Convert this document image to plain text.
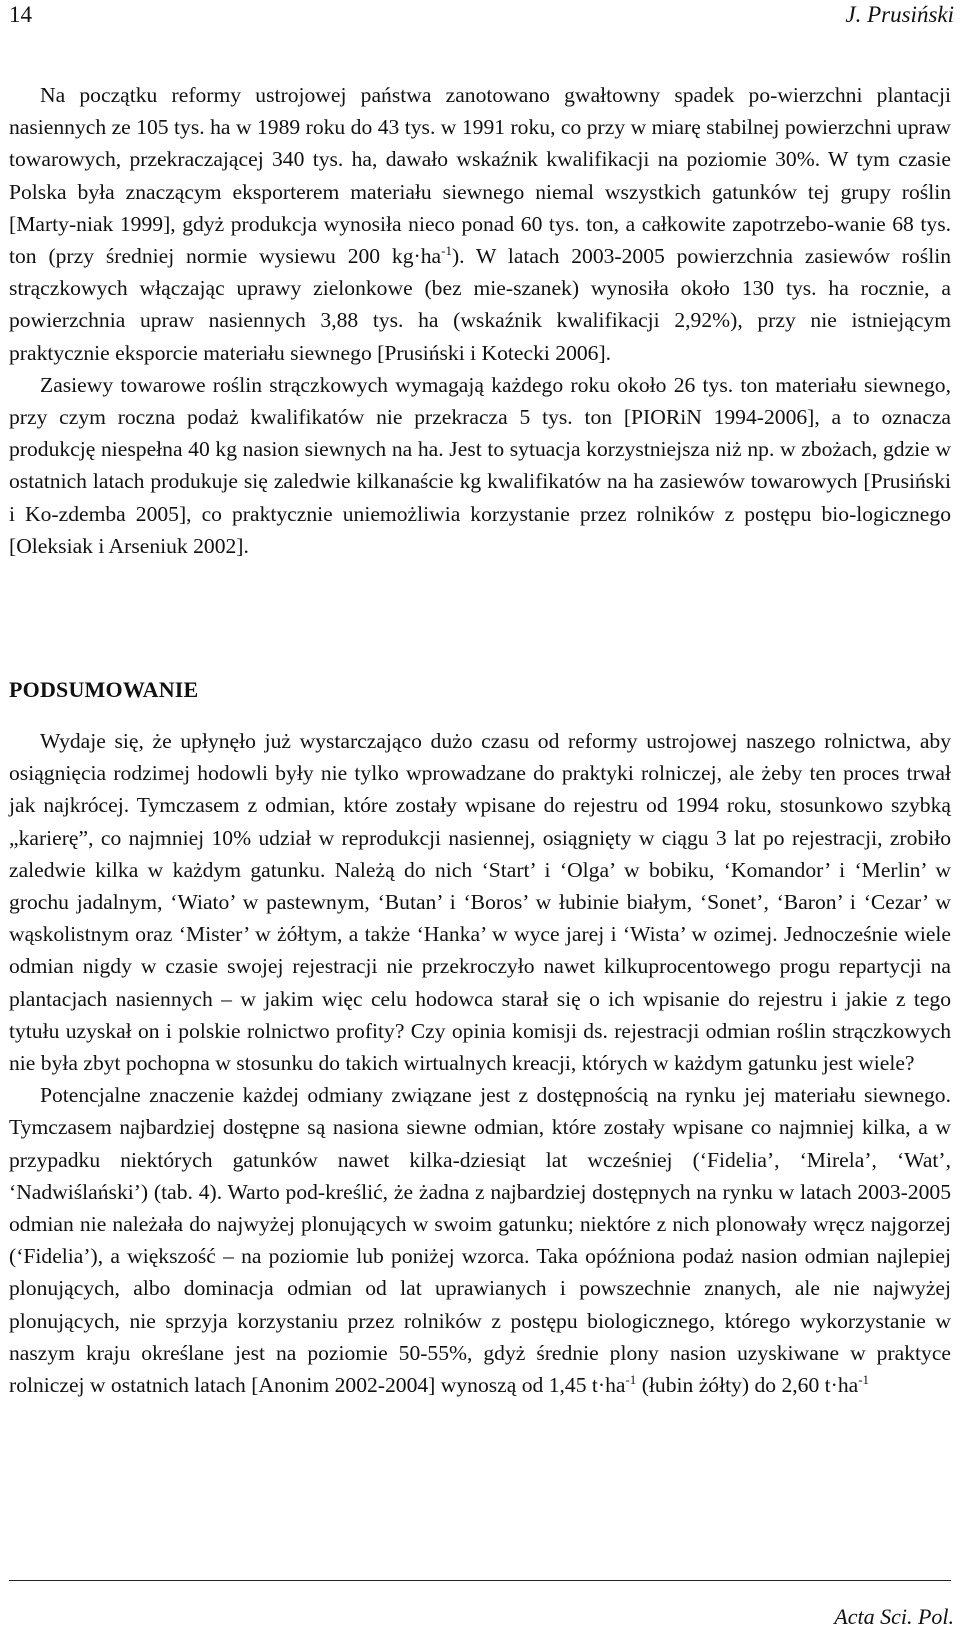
14	J. Prusiński

Na początku reformy ustrojowej państwa zanotowano gwałtowny spadek po-wierzchni plantacji nasiennych ze 105 tys. ha w 1989 roku do 43 tys. w 1991 roku, co przy w miarę stabilnej powierzchni upraw towarowych, przekraczającej 340 tys. ha, dawało wskaźnik kwalifikacji na poziomie 30%. W tym czasie Polska była znaczącym eksporterem materiału siewnego niemal wszystkich gatunków tej grupy roślin [Marty-niak 1999], gdyż produkcja wynosiła nieco ponad 60 tys. ton, a całkowite zapotrzebo-wanie 68 tys. ton (przy średniej normie wysiewu 200 $kg\cdot ha^{-1}$). W latach 2003-2005 powierzchnia zasiewów roślin strączkowych włączając uprawy zielonkowe (bez mie-szanek) wynosiła około 130 tys. ha rocznie, a powierzchnia upraw nasiennych 3,88 tys. ha (wskaźnik kwalifikacji 2,92%), przy nie istniejącym praktycznie eksporcie materiału siewnego [Prusiński i Kotecki 2006].

Zasiewy towarowe roślin strączkowych wymagają każdego roku około 26 tys. ton materiału siewnego, przy czym roczna podaż kwalifikatów nie przekracza 5 tys. ton [PIORiN 1994-2006], a to oznacza produkcję niespełna 40 kg nasion siewnych na ha. Jest to sytuacja korzystniejsza niż np. w zbożach, gdzie w ostatnich latach produkuje się zaledwie kilkanaście kg kwalifikatów na ha zasiewów towarowych [Prusiński i Ko-zdemba 2005], co praktycznie uniemożliwia korzystanie przez rolników z postępu bio-logicznego [Oleksiak i Arseniuk 2002].

PODSUMOWANIE

Wydaje się, że upłynęło już wystarczająco dużo czasu od reformy ustrojowej naszego rolnictwa, aby osiągnięcia rodzimej hodowli były nie tylko wprowadzane do praktyki rolniczej, ale żeby ten proces trwał jak najkrócej. Tymczasem z odmian, które zostały wpisane do rejestru od 1994 roku, stosunkowo szybką „karierę”, co najmniej 10% udział w reprodukcji nasiennej, osiągnięty w ciągu 3 lat po rejestracji, zrobiło zaledwie kilka w każdym gatunku. Należą do nich ‘Start’ i ‘Olga’ w bobiku, ‘Komandor’ i ‘Merlin’ w grochu jadalnym, ‘Wiato’ w pastewnym, ‘Butan’ i ‘Boros’ w łubinie białym, ‘Sonet’, ‘Baron’ i ‘Cezar’ w wąskolistnym oraz ‘Mister’ w żółtym, a także ‘Hanka’ w wyce jarej i ‘Wista’ w ozimej. Jednocześnie wiele odmian nigdy w czasie swojej rejestracji nie przekroczyło nawet kilkuprocentowego progu repartycji na plantacjach nasiennych – w jakim więc celu hodowca starał się o ich wpisanie do rejestru i jakie z tego tytułu uzyskał on i polskie rolnictwo profity? Czy opinia komisji ds. rejestracji odmian roślin strączkowych nie była zbyt pochopna w stosunku do takich wirtualnych kreacji, których w każdym gatunku jest wiele?

Potencjalne znaczenie każdej odmiany związane jest z dostępnością na rynku jej materiału siewnego. Tymczasem najbardziej dostępne są nasiona siewne odmian, które zostały wpisane co najmniej kilka, a w przypadku niektórych gatunków nawet kilka-dziesiąt lat wcześniej (‘Fidelia’, ‘Mirela’, ‘Wat’, ‘Nadwiślański’) (tab. 4). Warto pod-kreślić, że żadna z najbardziej dostępnych na rynku w latach 2003-2005 odmian nie należała do najwyżej plonujących w swoim gatunku; niektóre z nich plonowały wręcz najgorzej (‘Fidelia’), a większość – na poziomie lub poniżej wzorca. Taka opóźniona podaż nasion odmian najlepiej plonujących, albo dominacja odmian od lat uprawianych i powszechnie znanych, ale nie najwyżej plonujących, nie sprzyja korzystaniu przez rolników z postępu biologicznego, którego wykorzystanie w naszym kraju określane jest na poziomie 50-55%, gdyż średnie plony nasion uzyskiwane w praktyce rolniczej w ostatnich latach [Anonim 2002-2004] wynoszą od 1,45 $t\cdot ha^{-1}$ (łubin żółty) do 2,60 $t\cdot ha^{-1}$

Acta Sci. Pol.
